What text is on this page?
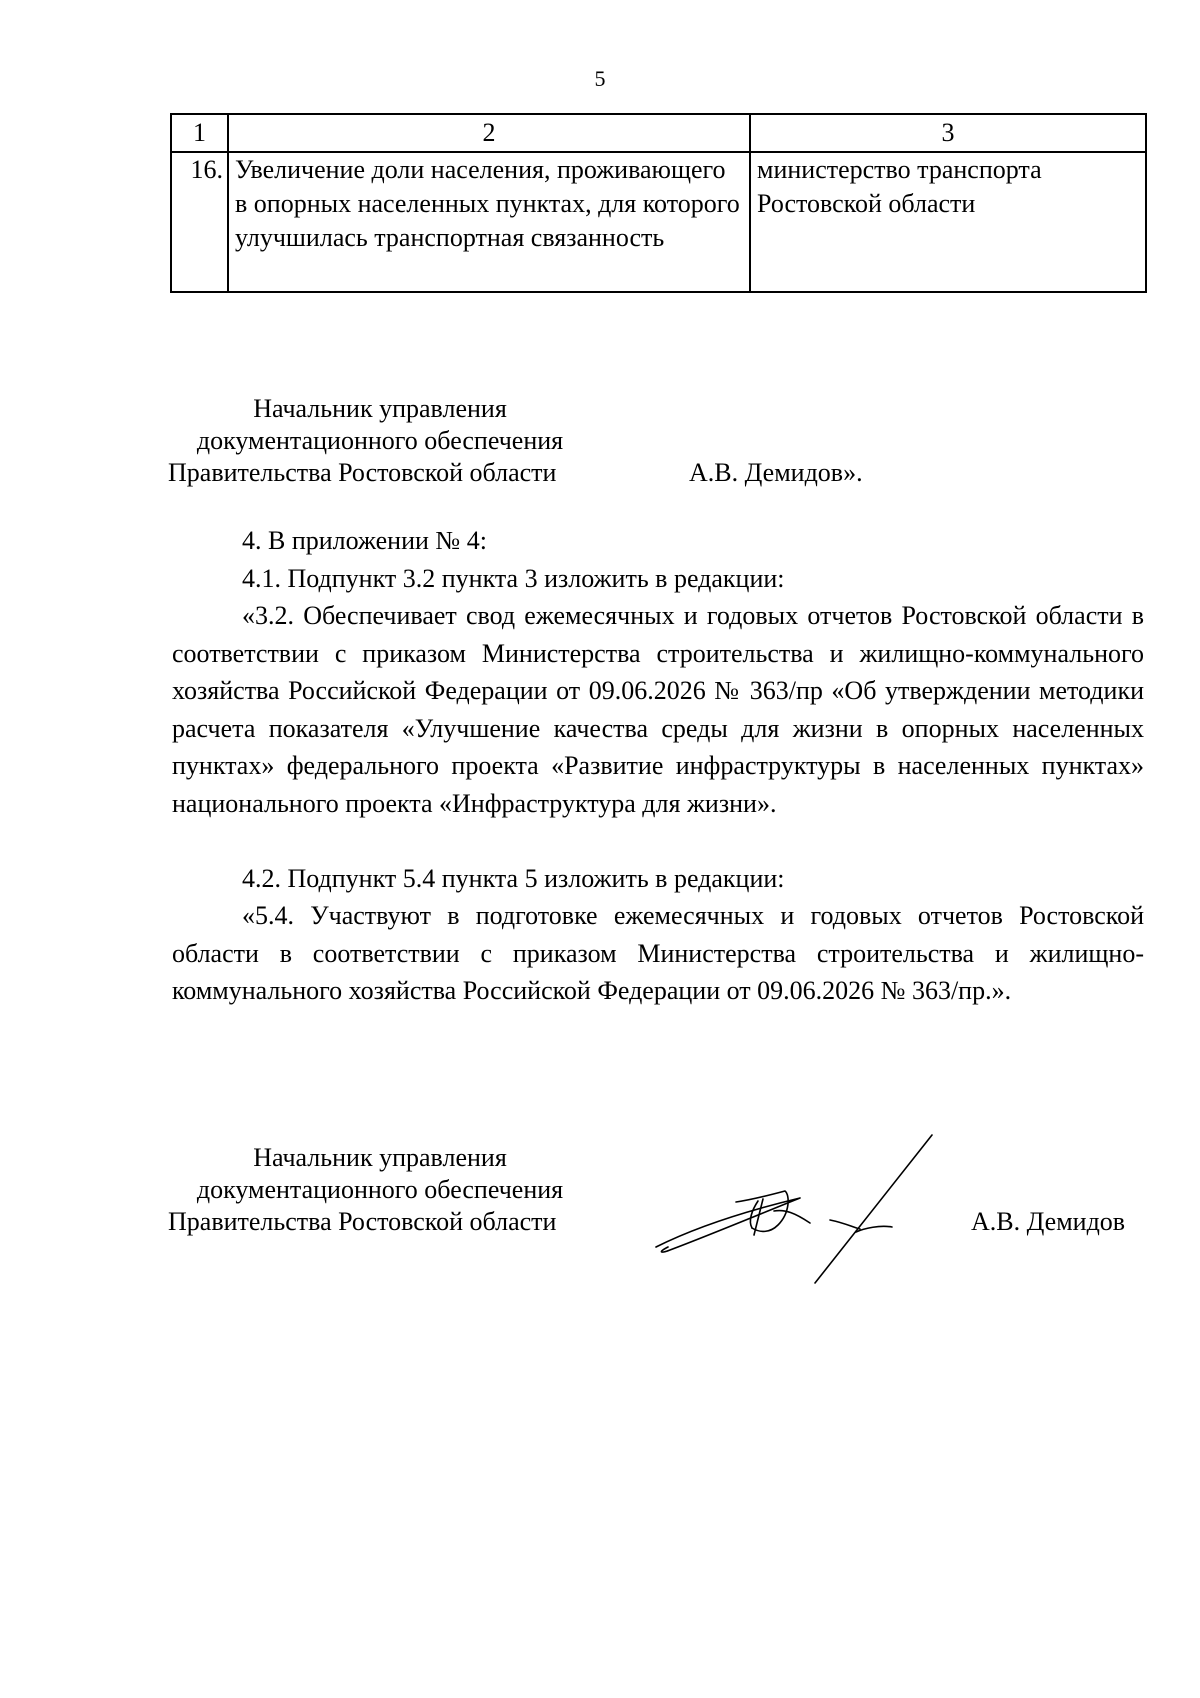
5
1	2	3
16.	Увеличение доли населения, проживающего в опорных населенных пунктах, для которого улучшилась транспортная связанность	министерство транспорта Ростовской области
Начальник управления
документационного обеспечения
Правительства Ростовской области	А.В. Демидов».
4. В приложении № 4:
4.1. Подпункт 3.2 пункта 3 изложить в редакции:
«3.2. Обеспечивает свод ежемесячных и годовых отчетов Ростовской области в соответствии с приказом Министерства строительства и жилищно-коммунального хозяйства Российской Федерации от 09.06.2026 № 363/пр «Об утверждении методики расчета показателя «Улучшение качества среды для жизни в опорных населенных пунктах» федерального проекта «Развитие инфраструктуры в населенных пунктах» национального проекта «Инфраструктура для жизни».
4.2. Подпункт 5.4 пункта 5 изложить в редакции:
«5.4. Участвуют в подготовке ежемесячных и годовых отчетов Ростовской области в соответствии с приказом Министерства строительства и жилищно-коммунального хозяйства Российской Федерации от 09.06.2026 № 363/пр.».
Начальник управления
документационного обеспечения
Правительства Ростовской области	А.В. Демидов
